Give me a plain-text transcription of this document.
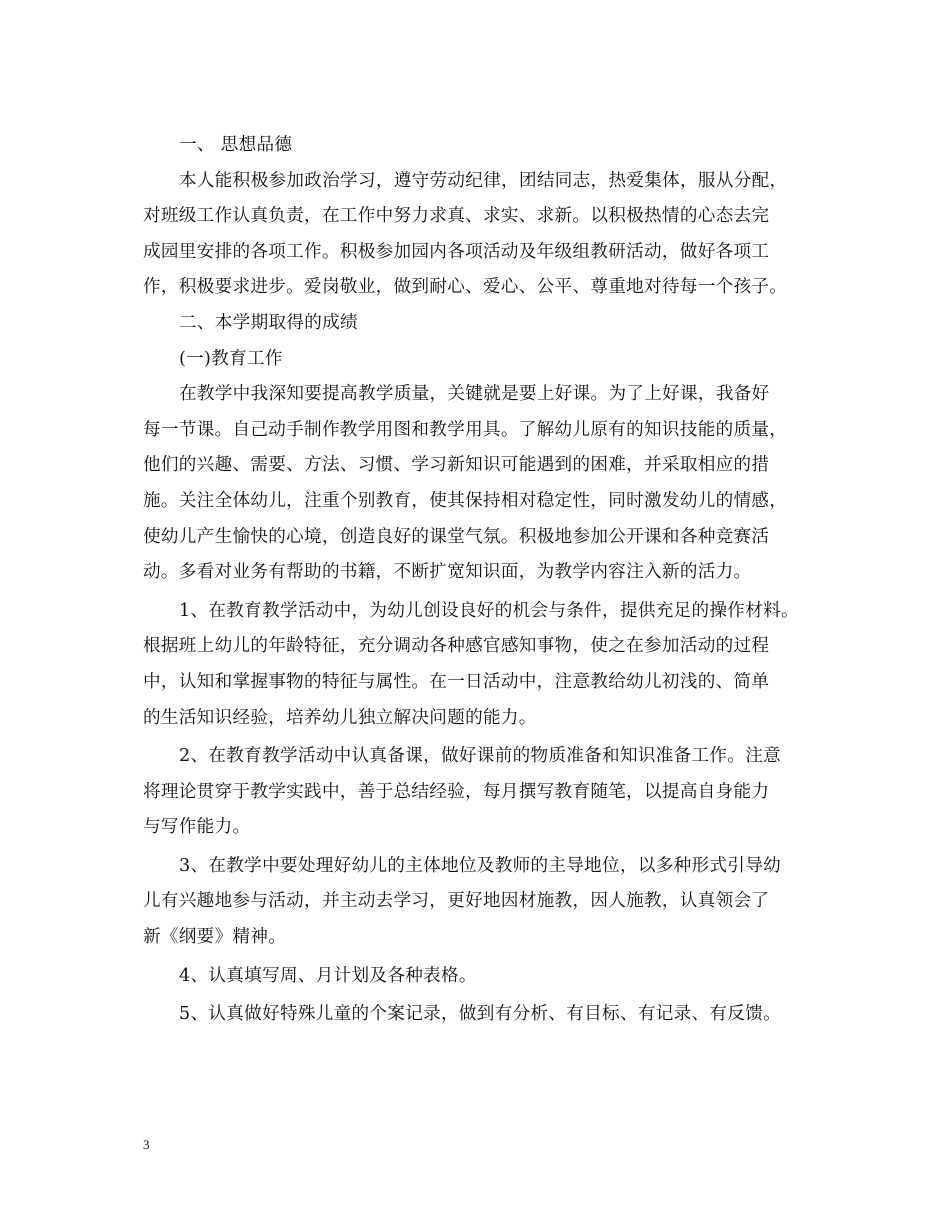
一、 思想品德
本人能积极参加政治学习，遵守劳动纪律，团结同志，热爱集体，服从分配，
对班级工作认真负责，在工作中努力求真、求实、求新。以积极热情的心态去完
成园里安排的各项工作。积极参加园内各项活动及年级组教研活动，做好各项工
作，积极要求进步。爱岗敬业，做到耐心、爱心、公平、尊重地对待每一个孩子。
二、本学期取得的成绩
(一)教育工作
在教学中我深知要提高教学质量，关键就是要上好课。为了上好课，我备好
每一节课。自己动手制作教学用图和教学用具。了解幼儿原有的知识技能的质量，
他们的兴趣、需要、方法、习惯、学习新知识可能遇到的困难，并采取相应的措
施。关注全体幼儿，注重个别教育，使其保持相对稳定性，同时激发幼儿的情感，
使幼儿产生愉快的心境，创造良好的课堂气氛。积极地参加公开课和各种竞赛活
动。多看对业务有帮助的书籍，不断扩宽知识面，为教学内容注入新的活力。
1、在教育教学活动中，为幼儿创设良好的机会与条件，提供充足的操作材料。
根据班上幼儿的年龄特征，充分调动各种感官感知事物，使之在参加活动的过程
中，认知和掌握事物的特征与属性。在一日活动中，注意教给幼儿初浅的、简单
的生活知识经验，培养幼儿独立解决问题的能力。
2、在教育教学活动中认真备课，做好课前的物质准备和知识准备工作。注意
将理论贯穿于教学实践中，善于总结经验，每月撰写教育随笔，以提高自身能力
与写作能力。
3、在教学中要处理好幼儿的主体地位及教师的主导地位，以多种形式引导幼
儿有兴趣地参与活动，并主动去学习，更好地因材施教，因人施教，认真领会了
新《纲要》精神。
4、认真填写周、月计划及各种表格。
5、认真做好特殊儿童的个案记录，做到有分析、有目标、有记录、有反馈。
3
